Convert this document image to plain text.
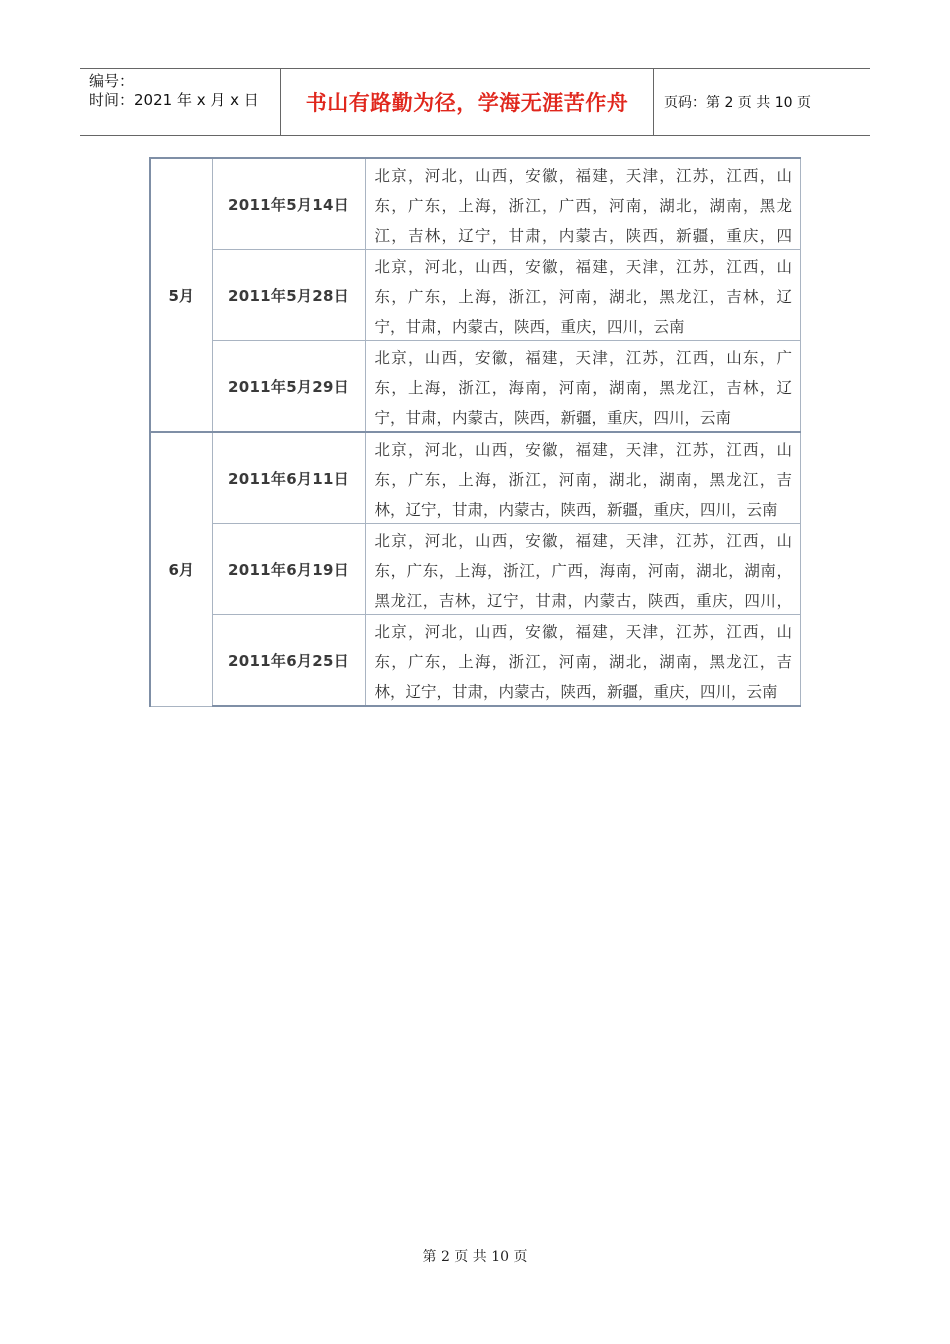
编号：
时间：2021 年 x 月 x 日	书山有路勤为径，学海无涯苦作舟	页码：第 2 页 共 10 页
5月	2011年5月14日	北京，河北，山西，安徽，福建，天津，江苏，江西，山东，广东，上海，浙江，广西，河南，湖北，湖南，黑龙江，吉林，辽宁，甘肃，内蒙古，陕西，新疆，重庆，四

	2011年5月28日	北京，河北，山西，安徽，福建，天津，江苏，江西，山东，广东，上海，浙江，河南，湖北，黑龙江，吉林，辽宁，甘肃，内蒙古，陕西，重庆，四川，云南

	2011年5月29日	北京，山西，安徽，福建，天津，江苏，江西，山东，广东，上海，浙江，海南，河南，湖南，黑龙江，吉林，辽宁，甘肃，内蒙古，陕西，新疆，重庆，四川，云南

6月	2011年6月11日	北京，河北，山西，安徽，福建，天津，江苏，江西，山东，广东，上海，浙江，河南，湖北，湖南，黑龙江，吉林，辽宁，甘肃，内蒙古，陕西，新疆，重庆，四川，云南

	2011年6月19日	北京，河北，山西，安徽，福建，天津，江苏，江西，山东，广东，上海，浙江，广西，海南，河南，湖北，湖南，黑龙江，吉林，辽宁，甘肃，内蒙古，陕西，重庆，四川，

	2011年6月25日	北京，河北，山西，安徽，福建，天津，江苏，江西，山东，广东，上海，浙江，河南，湖北，湖南，黑龙江，吉林，辽宁，甘肃，内蒙古，陕西，新疆，重庆，四川，云南
第 2 页 共 10 页
